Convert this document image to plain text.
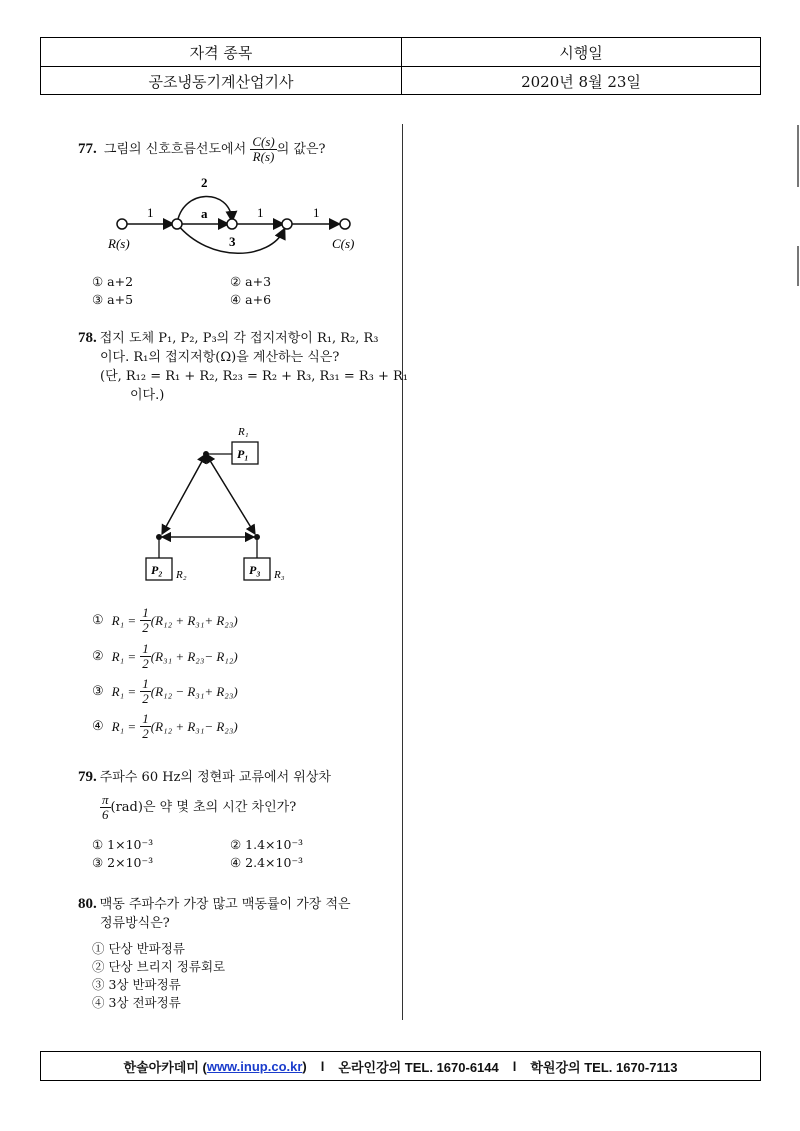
자격 종목	시행일
공조냉동기계산업기사	2020년 8월 23일
77. 그림의 신호흐름선도에서 $\frac{C(s)}{R(s)}$ 의 값은?
1	a
2
1
3
1
R(s)	C(s)
① a+2	② a+3
③ a+5	④ a+6
78. 접지 도체 P₁, P₂, P₃의 각 접지저항이 R₁, R₂, R₃
이다. R₁의 접지저항(Ω)을 계산하는 식은?
(단, R₁₂ = R₁ + R₂, R₂₃ = R₂ + R₃, R₃₁ = R₃ + R₁
이다.)
P₁
P₂	P₃
R₁
R₂	R₃
① R₁ =
$\frac{1}{2} (R_{12} + R_{31}+ R_{23})$
② R₁ =
$\frac{1}{2} (R_{31} + R_{23}- R_{12})$
③ R₁ =
$\frac{1}{2} (R_{12} - R_{31}+ R_{23})$
④ R₁ =
$\frac{1}{2} (R_{12} + R_{31}- R_{23})$
79. 주파수 60 Hz의 정현파 교류에서 위상차
$\frac{\pi}{6} (rad)$은 약 몇 초의 시간 차인가?
① 1×10⁻³	② 1.4×10⁻³
③ 2×10⁻³	④ 2.4×10⁻³
80. 맥동 주파수가 가장 많고 맥동률이 가장 적은
정류방식은?
① 단상 반파정류
② 단상 브리지 정류회로
③ 3상 반파정류
④ 3상 전파정류
한솔아카데미 ( www.inup.co.kr ) l 온라인강의 TEL. 1670-6144 l 학원강의 TEL. 1670-7113
